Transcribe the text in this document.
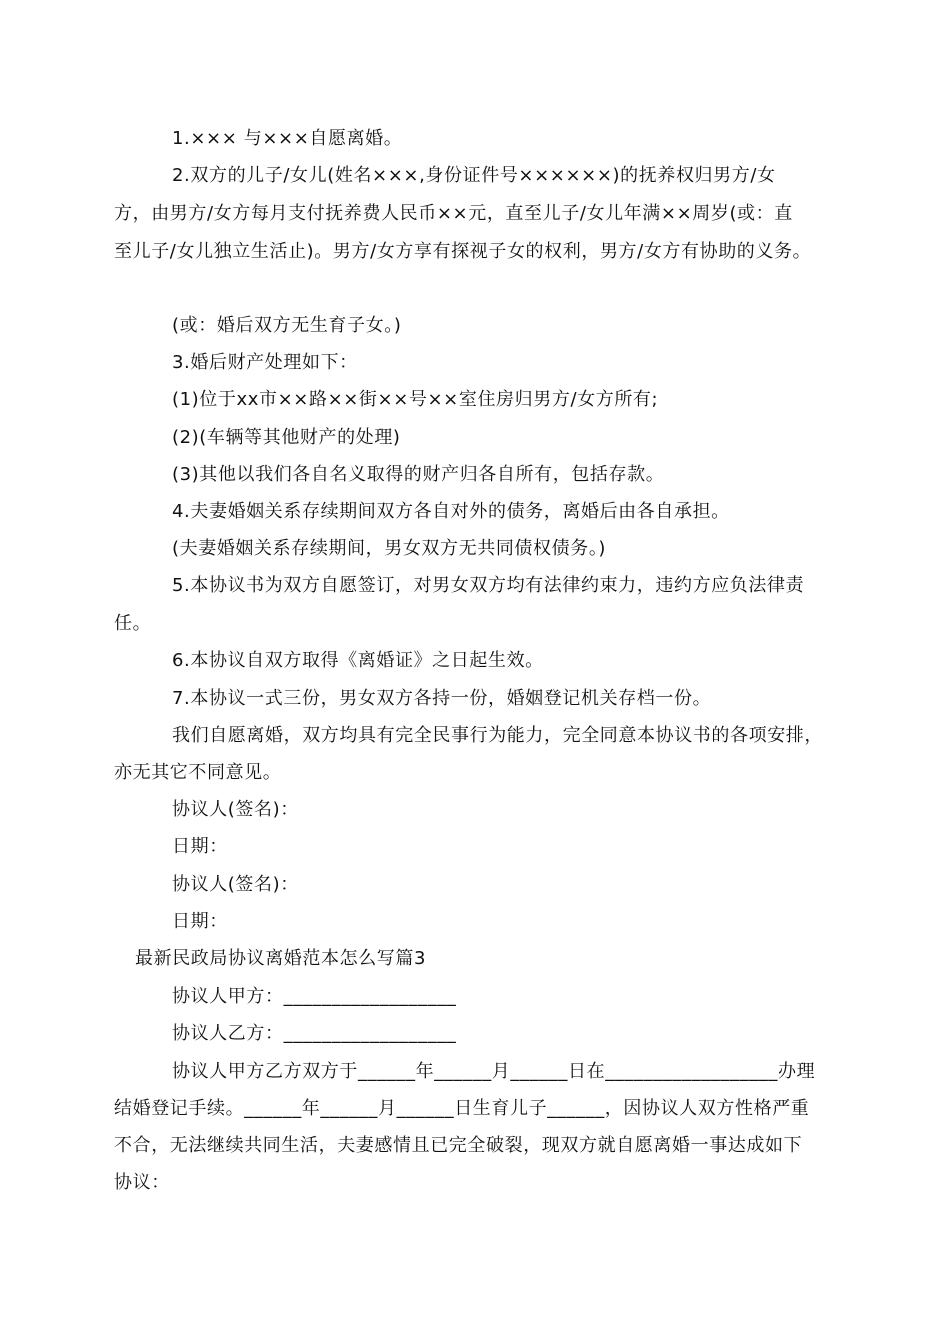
1.××× 与×××自愿离婚。
2.双方的儿子/女儿(姓名×××,身份证件号××××××)的抚养权归男方/女
方，由男方/女方每月支付抚养费人民币××元，直至儿子/女儿年满××周岁(或：直
至儿子/女儿独立生活止)。男方/女方享有探视子女的权利，男方/女方有协助的义务。
(或：婚后双方无生育子女。)
3.婚后财产处理如下：
(1)位于xx市××路××街××号××室住房归男方/女方所有;
(2)(车辆等其他财产的处理)
(3)其他以我们各自名义取得的财产归各自所有，包括存款。
4.夫妻婚姻关系存续期间双方各自对外的债务，离婚后由各自承担。
(夫妻婚姻关系存续期间，男女双方无共同债权债务。)
5.本协议书为双方自愿签订，对男女双方均有法律约束力，违约方应负法律责
任。
6.本协议自双方取得《离婚证》之日起生效。
7.本协议一式三份，男女双方各持一份，婚姻登记机关存档一份。
我们自愿离婚，双方均具有完全民事行为能力，完全同意本协议书的各项安排，
亦无其它不同意见。
协议人(签名)：
日期：
协议人(签名)：
日期：
最新民政局协议离婚范本怎么写篇3
协议人甲方：__________________
协议人乙方：__________________
协议人甲方乙方双方于______年______月______日在__________________办理
结婚登记手续。______年______月______日生育儿子______，因协议人双方性格严重
不合，无法继续共同生活，夫妻感情且已完全破裂，现双方就自愿离婚一事达成如下
协议：
